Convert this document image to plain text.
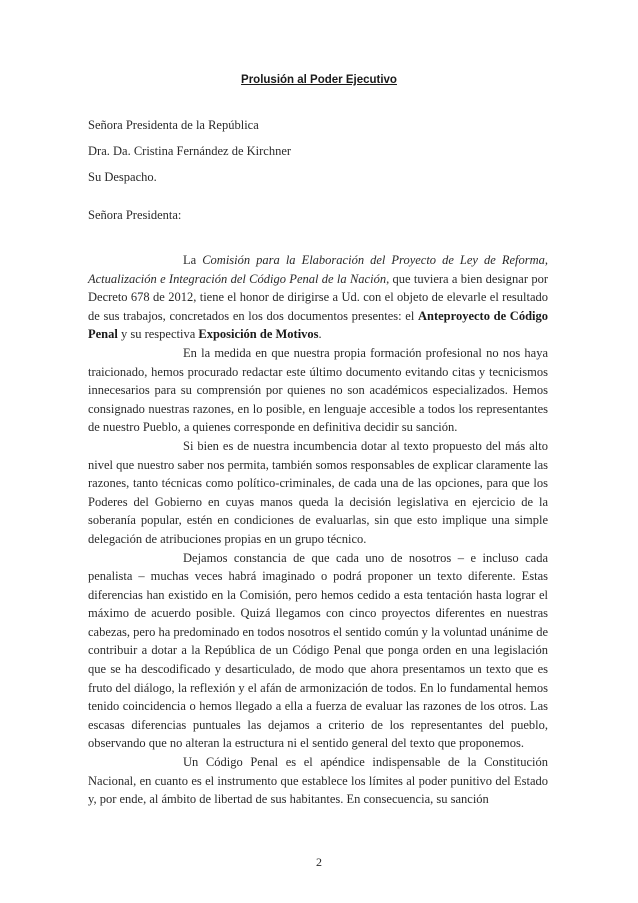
Prolusión al Poder Ejecutivo
Señora Presidenta de la República
Dra. Da. Cristina Fernández de Kirchner
Su Despacho.
Señora Presidenta:

La Comisión para la Elaboración del Proyecto de Ley de Reforma, Actualización e Integración del Código Penal de la Nación, que tuviera a bien designar por Decreto 678 de 2012, tiene el honor de dirigirse a Ud. con el objeto de elevarle el resultado de sus trabajos, concretados en los dos documentos presentes: el Anteproyecto de Código Penal y su respectiva Exposición de Motivos.

En la medida en que nuestra propia formación profesional no nos haya traicionado, hemos procurado redactar este último documento evitando citas y tecnicismos innecesarios para su comprensión por quienes no son académicos especializados. Hemos consignado nuestras razones, en lo posible, en lenguaje accesible a todos los representantes de nuestro Pueblo, a quienes corresponde en definitiva decidir su sanción.

Si bien es de nuestra incumbencia dotar al texto propuesto del más alto nivel que nuestro saber nos permita, también somos responsables de explicar claramente las razones, tanto técnicas como político-criminales, de cada una de las opciones, para que los Poderes del Gobierno en cuyas manos queda la decisión legislativa en ejercicio de la soberanía popular, estén en condiciones de evaluarlas, sin que esto implique una simple delegación de atribuciones propias en un grupo técnico.

Dejamos constancia de que cada uno de nosotros – e incluso cada penalista – muchas veces habrá imaginado o podrá proponer un texto diferente. Estas diferencias han existido en la Comisión, pero hemos cedido a esta tentación hasta lograr el máximo de acuerdo posible. Quizá llegamos con cinco proyectos diferentes en nuestras cabezas, pero ha predominado en todos nosotros el sentido común y la voluntad unánime de contribuir a dotar a la República de un Código Penal que ponga orden en una legislación que se ha descodificado y desarticulado, de modo que ahora presentamos un texto que es fruto del diálogo, la reflexión y el afán de armonización de todos. En lo fundamental hemos tenido coincidencia o hemos llegado a ella a fuerza de evaluar las razones de los otros. Las escasas diferencias puntuales las dejamos a criterio de los representantes del pueblo, observando que no alteran la estructura ni el sentido general del texto que proponemos.

Un Código Penal es el apéndice indispensable de la Constitución Nacional, en cuanto es el instrumento que establece los límites al poder punitivo del Estado y, por ende, al ámbito de libertad de sus habitantes. En consecuencia, su sanción

2
